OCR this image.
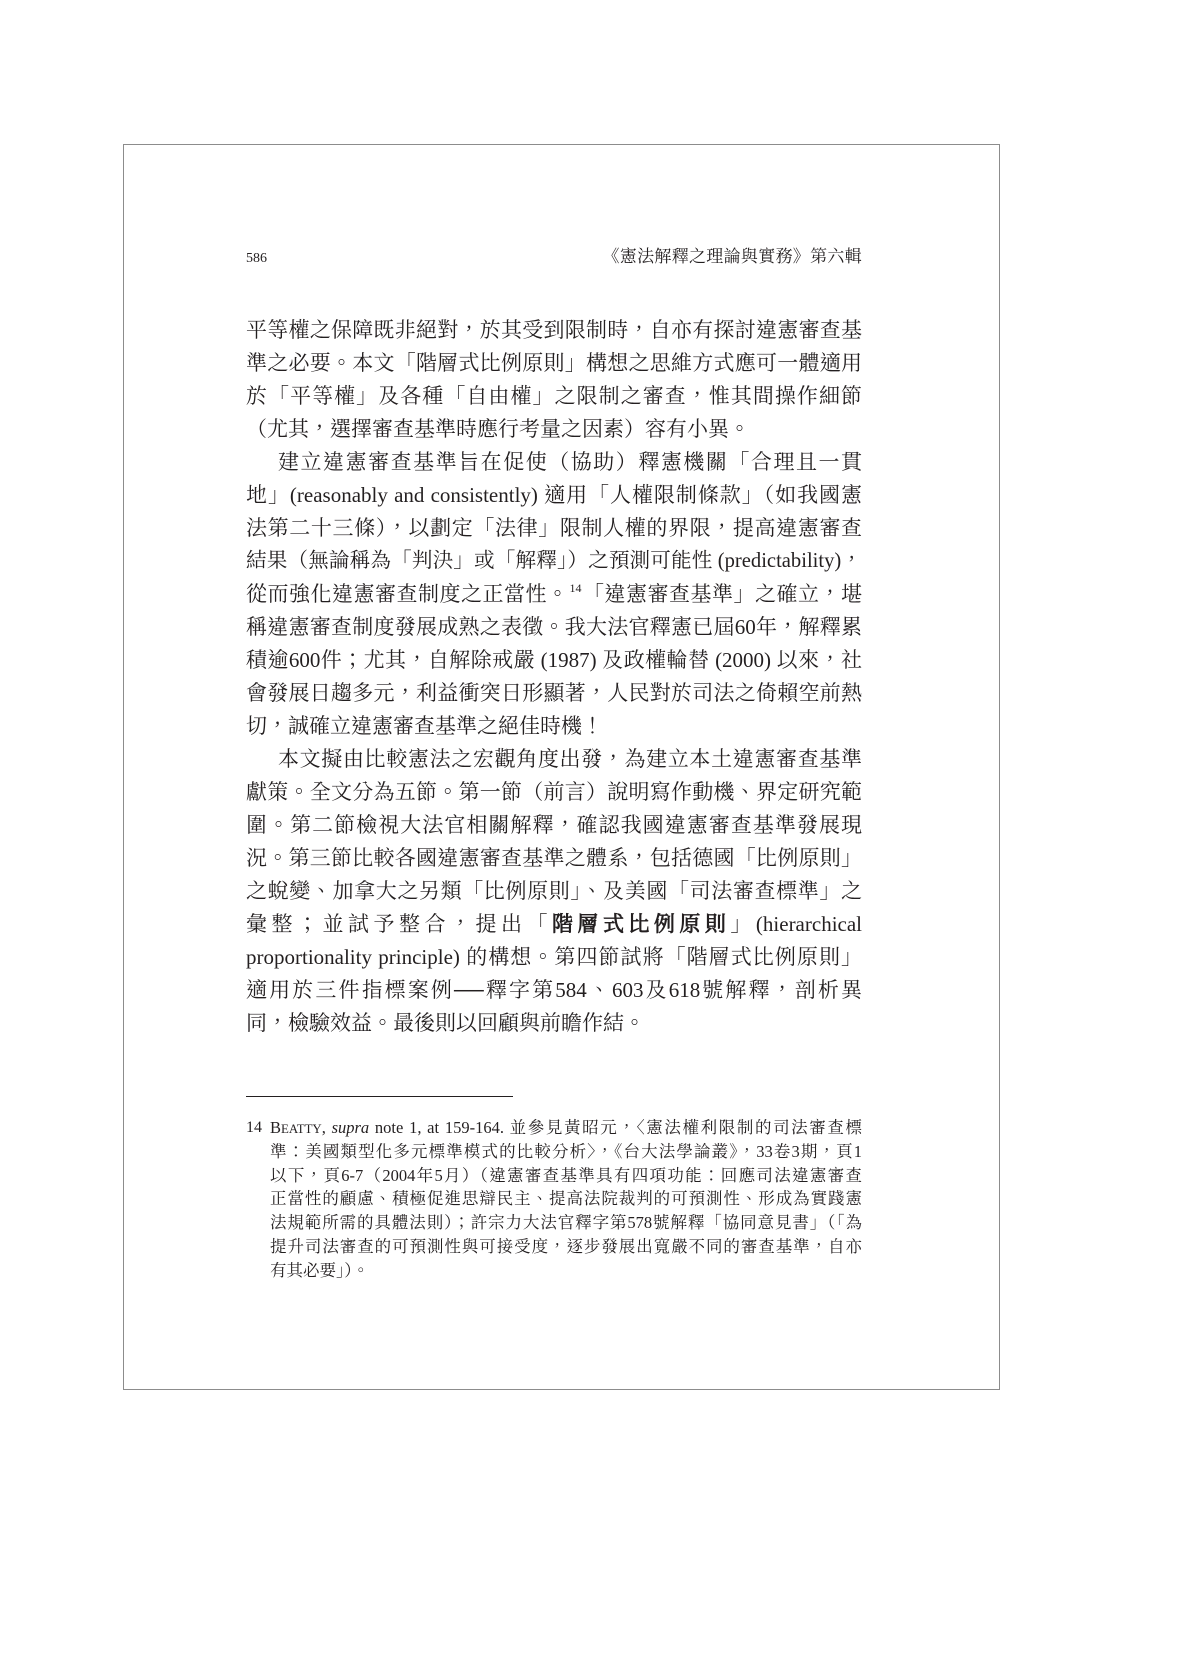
586	《憲法解釋之理論與實務》第六輯
平等權之保障既非絕對，於其受到限制時，自亦有探討違憲審查基
準之必要。本文「階層式比例原則」構想之思維方式應可一體適用
於「平等權」及各種「自由權」之限制之審查，惟其間操作細節
（尤其，選擇審查基準時應行考量之因素）容有小異。
建立違憲審查基準旨在促使（協助）釋憲機關「合理且一貫
地」(reasonably and consistently) 適用「人權限制條款」（如我國憲
法第二十三條），以劃定「法律」限制人權的界限，提高違憲審查
結果（無論稱為「判決」或「解釋」）之預測可能性 (predictability)，
從而強化違憲審查制度之正當性。$^{14}$「違憲審查基準」之確立，堪
稱違憲審查制度發展成熟之表徵。我大法官釋憲已屆60年，解釋累
積逾600件；尤其，自解除戒嚴 (1987) 及政權輪替 (2000) 以來，社
會發展日趨多元，利益衝突日形顯著，人民對於司法之倚賴空前熱
切，誠確立違憲審查基準之絕佳時機！
本文擬由比較憲法之宏觀角度出發，為建立本土違憲審查基準
獻策。全文分為五節。第一節（前言）說明寫作動機、界定研究範
圍。第二節檢視大法官相關解釋，確認我國違憲審查基準發展現
況。第三節比較各國違憲審查基準之體系，包括德國「比例原則」
之蛻變、加拿大之另類「比例原則」、及美國「司法審查標準」之
彙整；並試予整合，提出「階層式比例原則」(hierarchical
proportionality principle) 的構想。第四節試將「階層式比例原則」
適用於三件指標案例──釋字第584、603及618號解釋，剖析異
同，檢驗效益。最後則以回顧與前瞻作結。
14 BEATTY, supra note 1, at 159-164. 並參見黃昭元，〈憲法權利限制的司法審查標
準：美國類型化多元標準模式的比較分析〉，《台大法學論叢》，33卷3期，頁1
以下，頁6-7（2004年5月）（違憲審查基準具有四項功能：回應司法違憲審查
正當性的顧慮、積極促進思辯民主、提高法院裁判的可預測性、形成為實踐憲
法規範所需的具體法則）；許宗力大法官釋字第578號解釋「協同意見書」（「為
提升司法審查的可預測性與可接受度，逐步發展出寬嚴不同的審查基準，自亦
有其必要」）。
